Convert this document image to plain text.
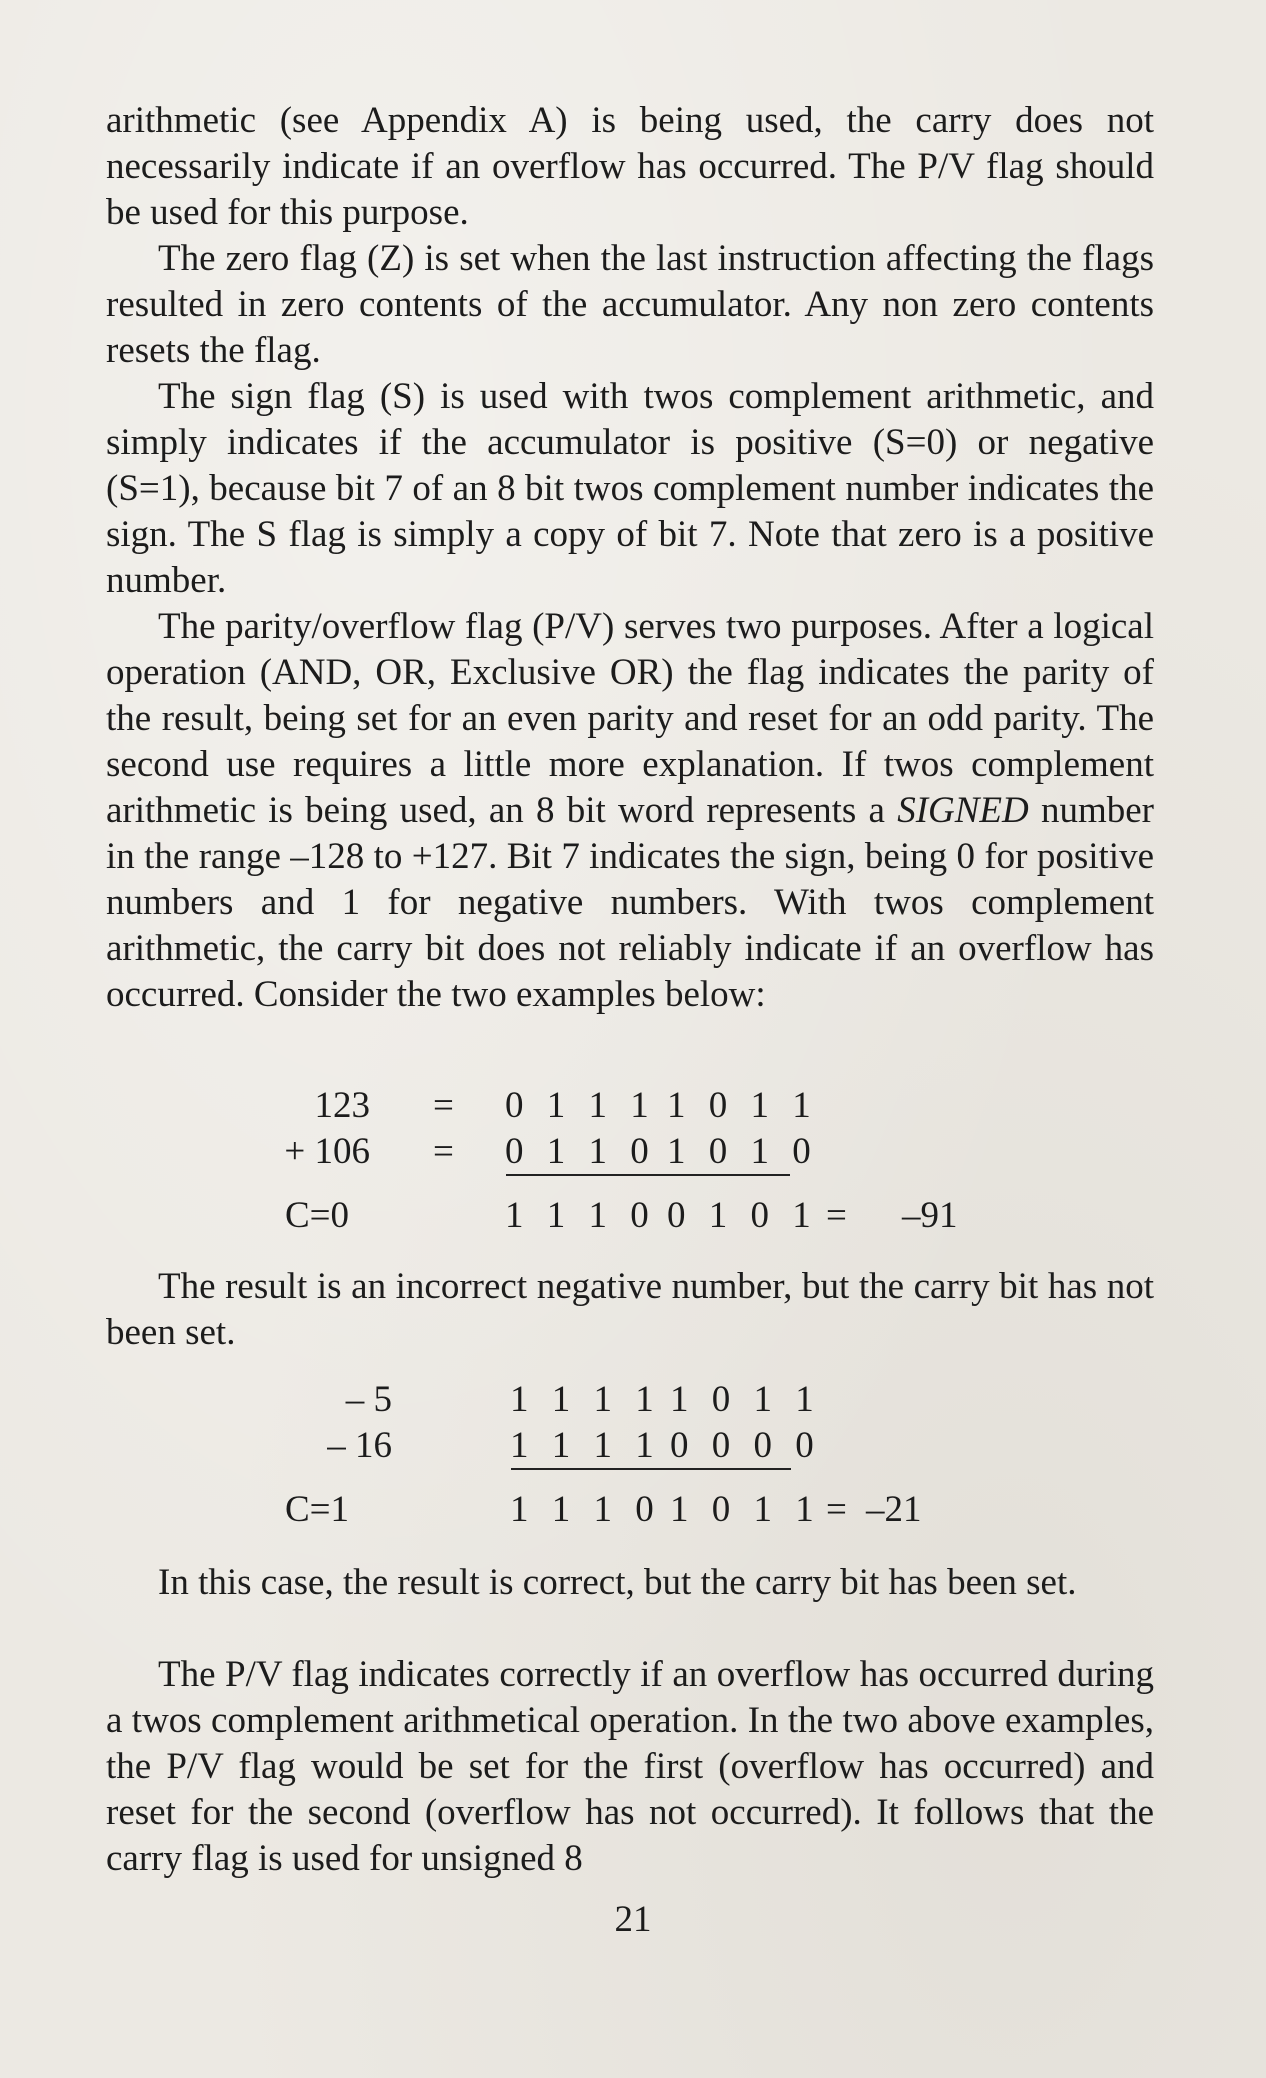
arithmetic (see Appendix A) is being used, the carry does not necessarily indicate if an overflow has occurred. The P/V flag should be used for this purpose.

The zero flag (Z) is set when the last instruction affecting the flags resulted in zero contents of the accumulator. Any non zero contents resets the flag.

The sign flag (S) is used with twos complement arithmetic, and simply indicates if the accumulator is positive (S=0) or negative (S=1), because bit 7 of an 8 bit twos complement number indicates the sign. The S flag is simply a copy of bit 7. Note that zero is a positive number.

The parity/overflow flag (P/V) serves two purposes. After a logical operation (AND, OR, Exclusive OR) the flag indicates the parity of the result, being set for an even parity and reset for an odd parity. The second use requires a little more explanation. If twos complement arithmetic is being used, an 8 bit word represents a SIGNED number in the range –128 to +127. Bit 7 indicates the sign, being 0 for positive numbers and 1 for negative numbers. With twos complement arithmetic, the carry bit does not reliably indicate if an overflow has occurred. Consider the two examples below:

123 = 0 1 1 1 1 0 1 1
+ 106 = 0 1 1 0 1 0 1 0
C=0	1 1 1 0 0 1 0 1 = –91

The result is an incorrect negative number, but the carry bit has not been set.

– 5	1 1 1 1 1 0 1 1
– 16	1 1 1 1 0 0 0 0
C=1	1 1 1 0 1 0 1 1 = –21

In this case, the result is correct, but the carry bit has been set.

The P/V flag indicates correctly if an overflow has occurred during a twos complement arithmetical operation. In the two above examples, the P/V flag would be set for the first (overflow has occurred) and reset for the second (overflow has not occurred). It follows that the carry flag is used for unsigned 8

21
